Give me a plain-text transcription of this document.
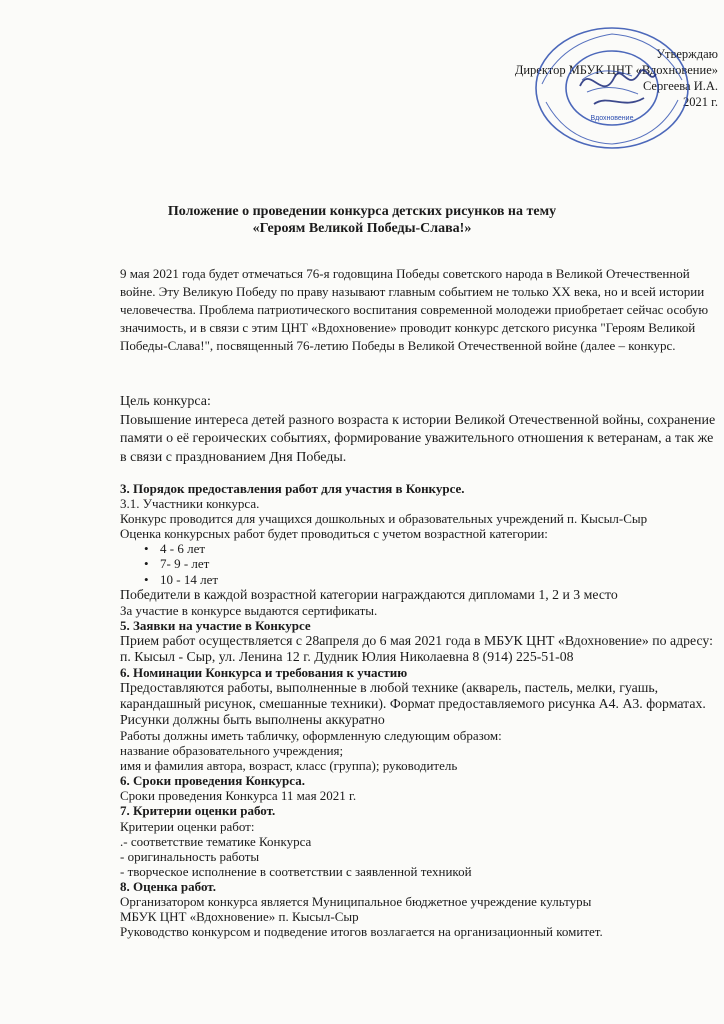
Утверждаю
Директор МБУК ЦНТ «Вдохновение»
Сергеева И.А.
2021 г.
Вдохновение
Положение о проведении конкурса детских рисунков на тему
«Героям Великой Победы-Слава!»
9 мая 2021 года будет отмечаться 76-я годовщина Победы советского народа в Великой Отечественной войне. Эту Великую Победу по праву называют главным событием не только XX века, но и всей истории человечества. Проблема патриотического воспитания современной молодежи приобретает сейчас особую значимость, и в связи с этим ЦНТ «Вдохновение» проводит конкурс детского рисунка "Героям Великой Победы-Слава!", посвященный 76-летию Победы в Великой Отечественной войне (далее – конкурс.

Цель конкурса:

Повышение интереса детей разного возраста к истории Великой Отечественной войны, сохранение памяти о её героических событиях, формирование уважительного отношения к ветеранам, а так же в связи с празднованием Дня Победы.

3. Порядок предоставления работ для участия в Конкурсе.

3.1. Участники конкурса.

Конкурс проводится для учащихся дошкольных и образовательных учреждений п. Кысыл-Сыр

Оценка конкурсных работ будет проводиться с учетом возрастной категории:

• 4 - 6 лет
• 7- 9 - лет
• 10 - 14 лет

Победители в каждой возрастной категории награждаются дипломами 1, 2 и 3 место

За участие в конкурсе выдаются сертификаты.

5. Заявки на участие в Конкурсе

Прием работ осуществляется с 28апреля до 6 мая 2021 года в МБУК ЦНТ «Вдохновение» по адресу: п. Кысыл - Сыр, ул. Ленина 12 г. Дудник Юлия Николаевна 8 (914) 225-51-08

6. Номинации Конкурса и требования к участию

Предоставляются работы, выполненные в любой технике (акварель, пастель, мелки, гуашь, карандашный рисунок, смешанные техники). Формат предоставляемого рисунка А4. А3. форматах. Рисунки должны быть выполнены аккуратно

Работы должны иметь табличку, оформленную следующим образом:

название образовательного учреждения;

имя и фамилия автора, возраст, класс (группа); руководитель

6. Сроки проведения Конкурса.

Сроки проведения Конкурса 11 мая 2021 г.

7. Критерии оценки работ.

Критерии оценки работ:

.- соответствие тематике Конкурса

- оригинальность работы

- творческое исполнение в соответствии с заявленной техникой

8. Оценка работ.

Организатором конкурса является Муниципальное бюджетное учреждение культуры

МБУК ЦНТ «Вдохновение» п. Кысыл-Сыр

Руководство конкурсом и подведение итогов возлагается на организационный комитет.
